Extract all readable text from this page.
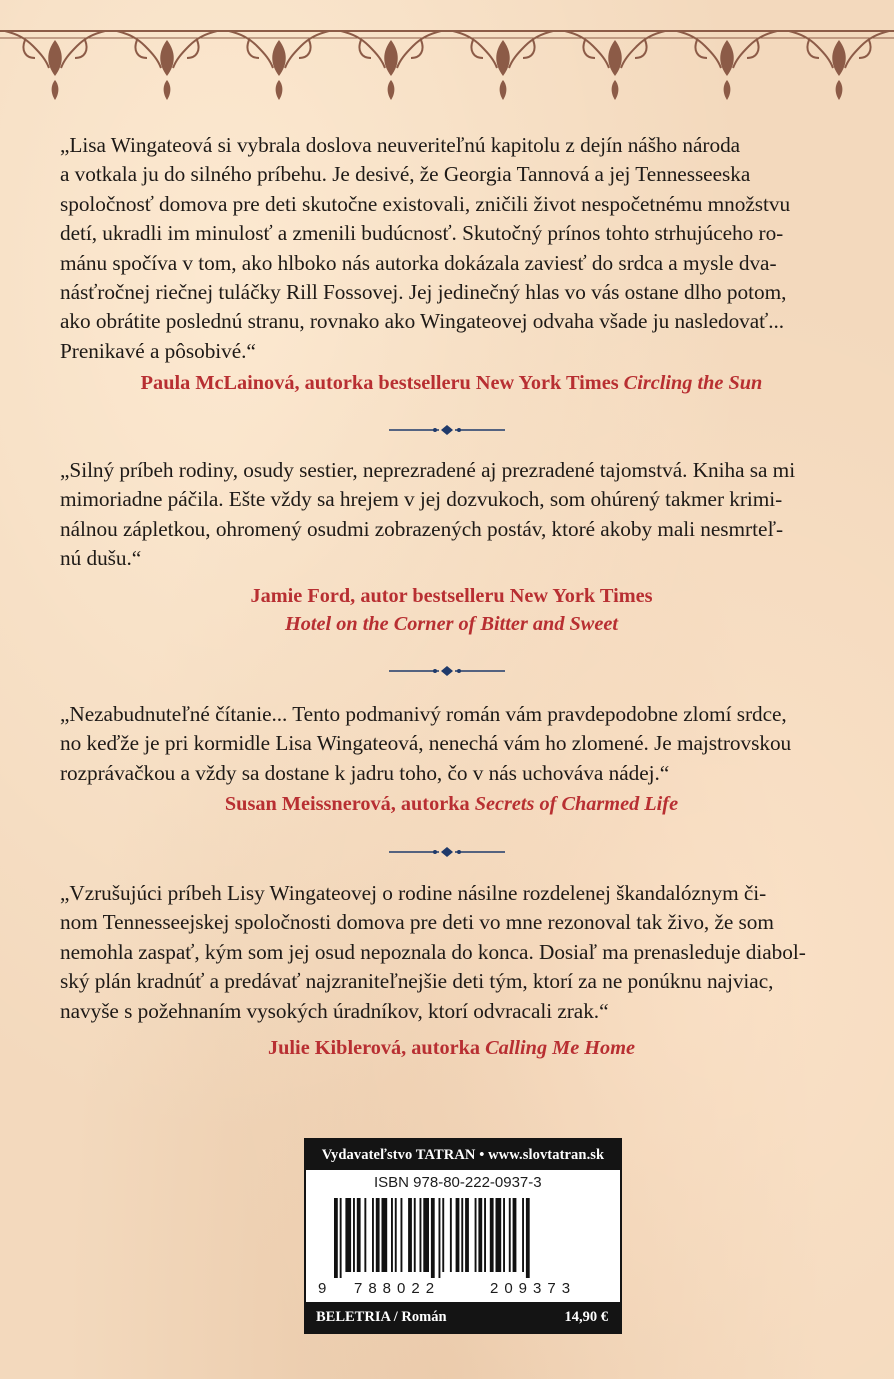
„Lisa Wingateová si vybrala doslova neuveriteľnú kapitolu z dejín nášho národa
a votkala ju do silného príbehu. Je desivé, že Georgia Tannová a jej Tennesseeska
spoločnosť domova pre deti skutočne existovali, zničili život nespočetnému množstvu
detí, ukradli im minulosť a zmenili budúcnosť. Skutočný prínos tohto strhujúceho ro-
mánu spočíva v tom, ako hlboko nás autorka dokázala zaviesť do srdca a mysle dva-
násťročnej riečnej tuláčky Rill Fossovej. Jej jedinečný hlas vo vás ostane dlho potom,
ako obrátite poslednú stranu, rovnako ako Wingateovej odvaha všade ju nasledovať...
Prenikavé a pôsobivé.“

Paula McLainová, autorka bestselleru New York Times Circling the Sun

„Silný príbeh rodiny, osudy sestier, neprezradené aj prezradené tajomstvá. Kniha sa mi
mimoriadne páčila. Ešte vždy sa hrejem v jej dozvukoch, som ohúrený takmer krimi-
nálnou zápletkou, ohromený osudmi zobrazených postáv, ktoré akoby mali nesmrteľ-
nú dušu.“

Jamie Ford, autor bestselleru New York Times
Hotel on the Corner of Bitter and Sweet

„Nezabudnuteľné čítanie... Tento podmanivý román vám pravdepodobne zlomí srdce,
no keďže je pri kormidle Lisa Wingateová, nenechá vám ho zlomené. Je majstrovskou
rozprávačkou a vždy sa dostane k jadru toho, čo v nás uchováva nádej.“

Susan Meissnerová, autorka Secrets of Charmed Life

„Vzrušujúci príbeh Lisy Wingateovej o rodine násilne rozdelenej škandalóznym či-
nom Tennesseejskej spoločnosti domova pre deti vo mne rezonoval tak živo, že som
nemohla zaspať, kým som jej osud nepoznala do konca. Dosiaľ ma prenasleduje diabol-
ský plán kradnúť a predávať najzraniteľnejšie deti tým, ktorí za ne ponúknu najviac,
navyše s požehnaním vysokých úradníkov, ktorí odvracali zrak.“

Julie Kiblerová, autorka Calling Me Home

Vydavateľstvo TATRAN • www.slovtatran.sk
ISBN 978-80-222-0937-3
9 788022	209373
BELETRIA / Román	14,90 €
